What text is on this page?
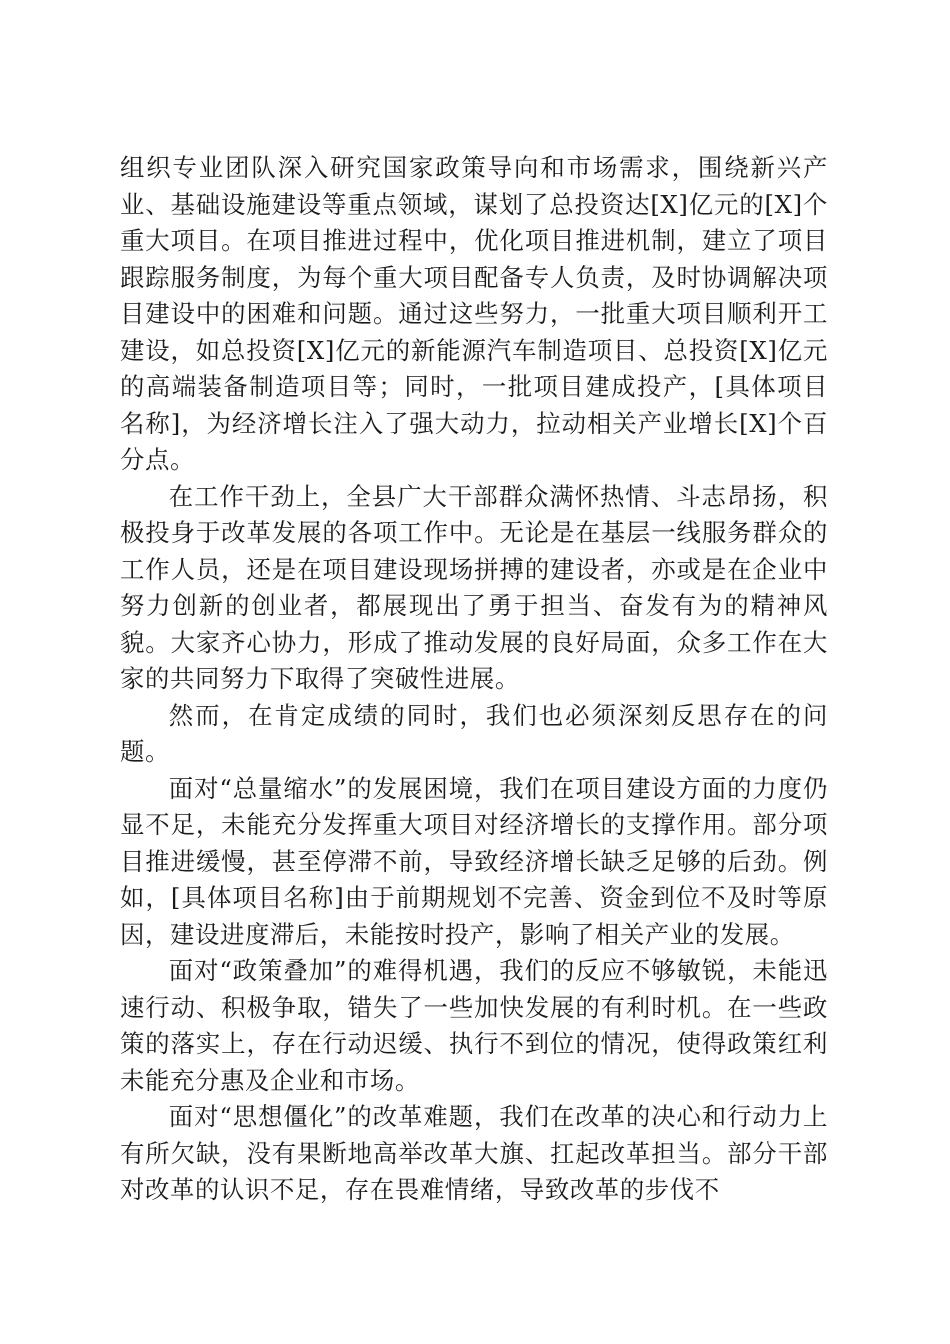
组织专业团队深入研究国家政策导向和市场需求，围绕新兴产业、基础设施建设等重点领域，谋划了总投资达[X]亿元的[X]个重大项目。在项目推进过程中，优化项目推进机制，建立了项目跟踪服务制度，为每个重大项目配备专人负责，及时协调解决项目建设中的困难和问题。通过这些努力，一批重大项目顺利开工建设，如总投资[X]亿元的新能源汽车制造项目、总投资[X]亿元的高端装备制造项目等；同时，一批项目建成投产，[具体项目名称]，为经济增长注入了强大动力，拉动相关产业增长[X]个百分点。

在工作干劲上，全县广大干部群众满怀热情、斗志昂扬，积极投身于改革发展的各项工作中。无论是在基层一线服务群众的工作人员，还是在项目建设现场拼搏的建设者，亦或是在企业中努力创新的创业者，都展现出了勇于担当、奋发有为的精神风貌。大家齐心协力，形成了推动发展的良好局面，众多工作在大家的共同努力下取得了突破性进展。

然而，在肯定成绩的同时，我们也必须深刻反思存在的问题。

面对“总量缩水”的发展困境，我们在项目建设方面的力度仍显不足，未能充分发挥重大项目对经济增长的支撑作用。部分项目推进缓慢，甚至停滞不前，导致经济增长缺乏足够的后劲。例如，[具体项目名称]由于前期规划不完善、资金到位不及时等原因，建设进度滞后，未能按时投产，影响了相关产业的发展。

面对“政策叠加”的难得机遇，我们的反应不够敏锐，未能迅速行动、积极争取，错失了一些加快发展的有利时机。在一些政策的落实上，存在行动迟缓、执行不到位的情况，使得政策红利未能充分惠及企业和市场。

面对“思想僵化”的改革难题，我们在改革的决心和行动力上有所欠缺，没有果断地高举改革大旗、扛起改革担当。部分干部对改革的认识不足，存在畏难情绪，导致改革的步伐不
